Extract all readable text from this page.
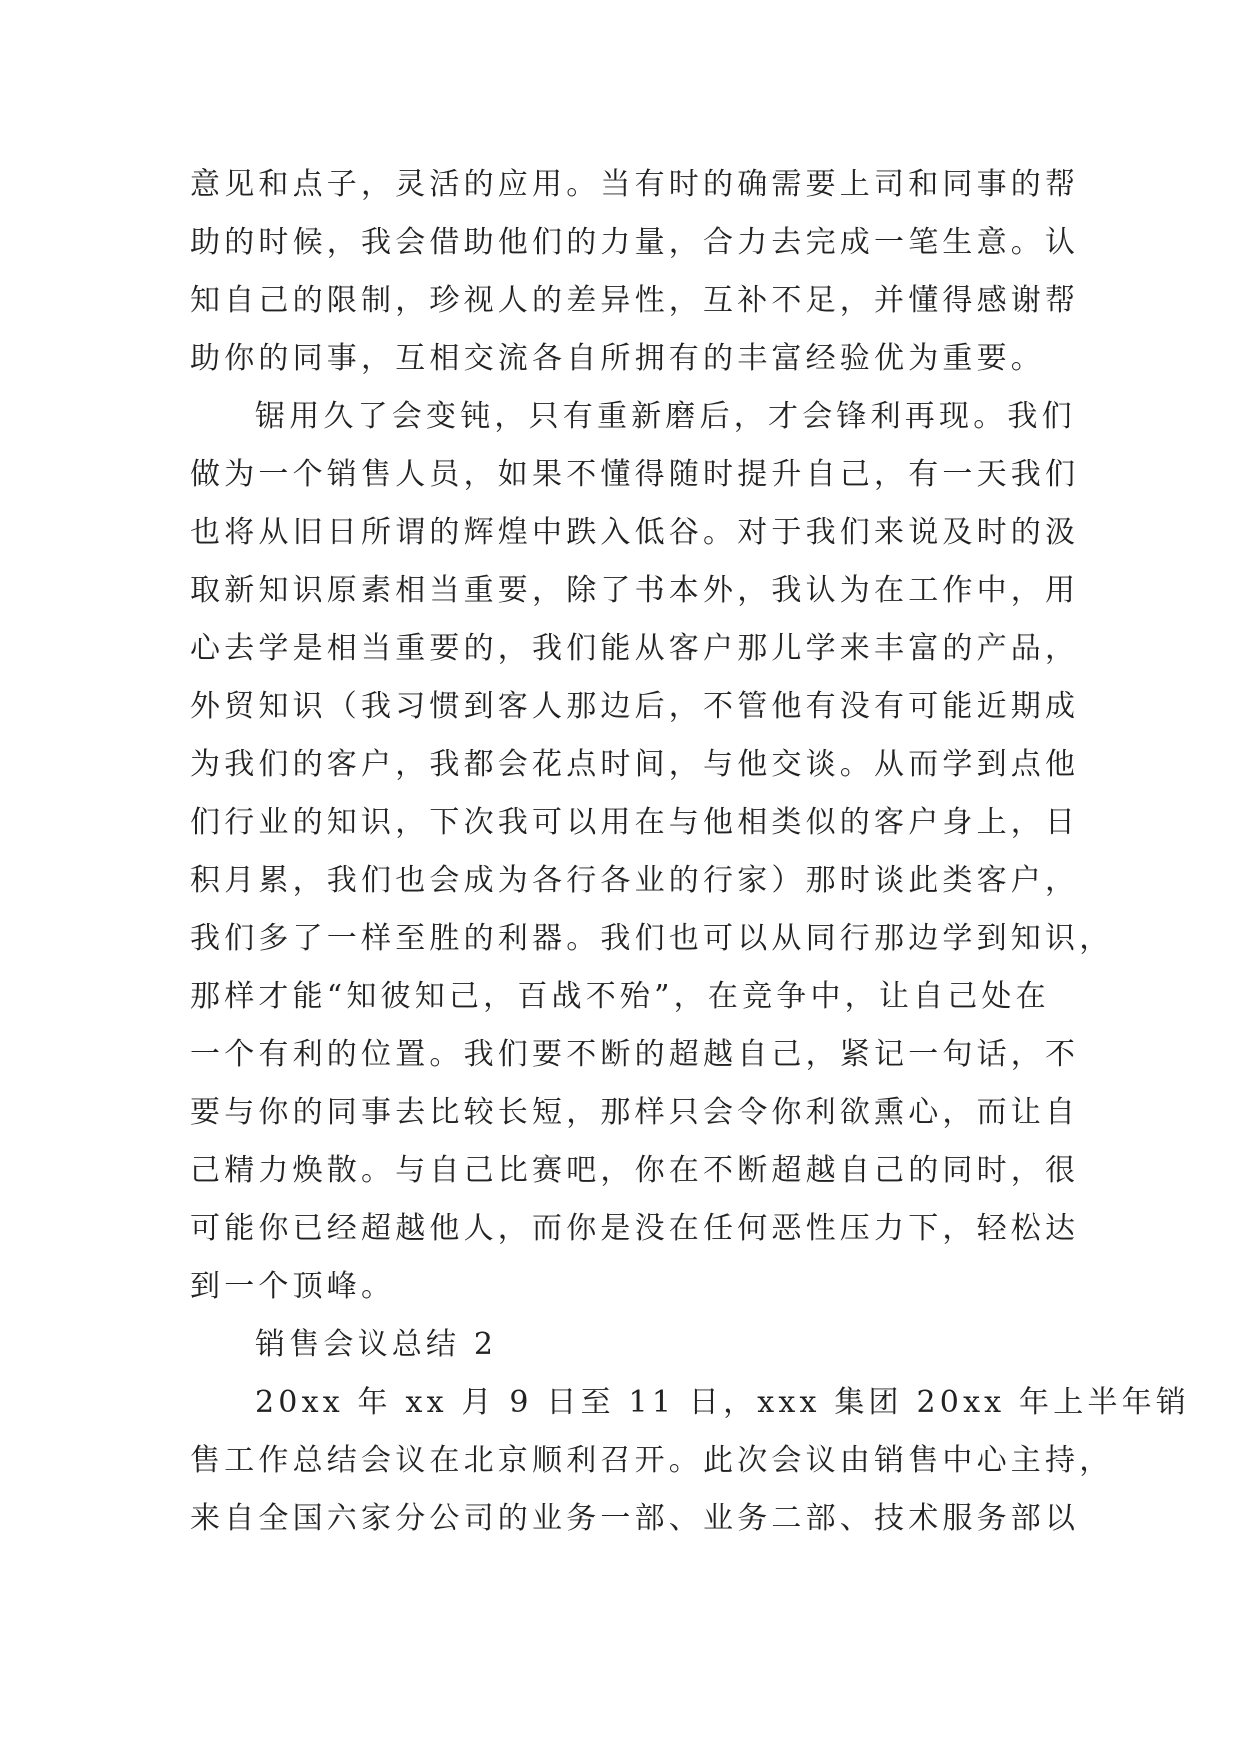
意见和点子，灵活的应用。当有时的确需要上司和同事的帮
助的时候，我会借助他们的力量，合力去完成一笔生意。认
知自己的限制，珍视人的差异性，互补不足，并懂得感谢帮
助你的同事，互相交流各自所拥有的丰富经验优为重要。
锯用久了会变钝，只有重新磨后，才会锋利再现。我们
做为一个销售人员，如果不懂得随时提升自己，有一天我们
也将从旧日所谓的辉煌中跌入低谷。对于我们来说及时的汲
取新知识原素相当重要，除了书本外，我认为在工作中，用
心去学是相当重要的，我们能从客户那儿学来丰富的产品，
外贸知识（我习惯到客人那边后，不管他有没有可能近期成
为我们的客户，我都会花点时间，与他交谈。从而学到点他
们行业的知识，下次我可以用在与他相类似的客户身上，日
积月累，我们也会成为各行各业的行家）那时谈此类客户，
我们多了一样至胜的利器。我们也可以从同行那边学到知识，
那样才能“知彼知己，百战不殆”，在竞争中，让自己处在
一个有利的位置。我们要不断的超越自己，紧记一句话，不
要与你的同事去比较长短，那样只会令你利欲熏心，而让自
己精力焕散。与自己比赛吧，你在不断超越自己的同时，很
可能你已经超越他人，而你是没在任何恶性压力下，轻松达
到一个顶峰。
销售会议总结 2
20xx 年 xx 月 9 日至 11 日，xxx 集团 20xx 年上半年销
售工作总结会议在北京顺利召开。此次会议由销售中心主持，
来自全国六家分公司的业务一部、业务二部、技术服务部以
